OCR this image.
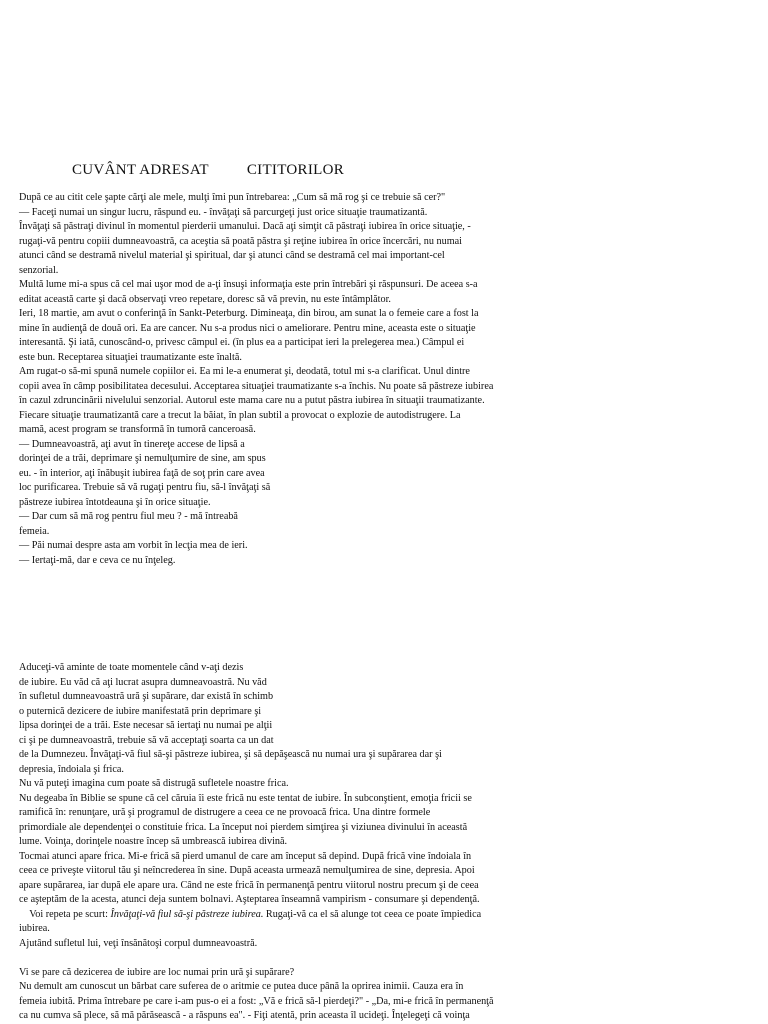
CUVÂNT ADRESAT	CITITORILOR
După ce au citit cele şapte cărţi ale mele, mulţi îmi pun întrebarea: „Cum să mă rog şi ce trebuie să cer?"
— Faceţi numai un singur lucru, răspund eu. - învăţaţi să parcurgeţi just orice situaţie traumatizantă.
Învăţaţi să păstraţi divinul în momentul pierderii umanului. Dacă aţi simţit că păstraţi iubirea în orice situaţie, -
rugaţi-vă pentru copiii dumneavoastră, ca aceştia să poată păstra şi reţine iubirea în orice încercări, nu numai
atunci când se destramă nivelul material şi spiritual, dar şi atunci când se destramă cel mai important-cel
senzorial.
Multă lume mi-a spus că cel mai uşor mod de a-ţi însuşi informaţia este prin întrebări şi răspunsuri. De aceea s-a
editat această carte şi dacă observaţi vreo repetare, doresc să vă previn, nu este întâmplător.
Ieri, 18 martie, am avut o conferinţă în Sankt-Peterburg. Dimineaţa, din birou, am sunat la o femeie care a fost la
mine în audienţă de două ori. Ea are cancer. Nu s-a produs nici o ameliorare. Pentru mine, aceasta este o situaţie
interesantă. Şi iată, cunoscând-o, privesc câmpul ei. (în plus ea a participat ieri la prelegerea mea.) Câmpul ei
este bun. Receptarea situaţiei traumatizante este înaltă.
Am rugat-o să-mi spună numele copiilor ei. Ea mi le-a enumerat şi, deodată, totul mi s-a clarificat. Unul dintre
copii avea în câmp posibilitatea decesului. Acceptarea situaţiei traumatizante s-a închis. Nu poate să păstreze iubirea
în cazul zdruncinării nivelului senzorial. Autorul este mama care nu a putut păstra iubirea în situaţii traumatizante.
Fiecare situaţie traumatizantă care a trecut la băiat, în plan subtil a provocat o explozie de autodistrugere. La
mamă, acest program se transformă în tumoră canceroasă.
— Dumneavoastră, aţi avut în tinereţe accese de lipsă a
dorinţei de a trăi, deprimare şi nemulţumire de sine, am spus
eu. - în interior, aţi înăbuşit iubirea faţă de soţ prin care avea
loc purificarea. Trebuie să vă rugaţi pentru fiu, să-l învăţaţi să
păstreze iubirea întotdeauna şi în orice situaţie.
— Dar cum să mă rog pentru fiul meu ? - mă întreabă
femeia.
— Păi numai despre asta am vorbit în lecţia mea de ieri.
— Iertaţi-mă, dar e ceva ce nu înţeleg.
Aduceţi-vă aminte de toate momentele când v-aţi dezis
de iubire. Eu văd că aţi lucrat asupra dumneavoastră. Nu văd
în sufletul dumneavoastră ură şi supărare, dar există în schimb
o puternică dezicere de iubire manifestată prin deprimare şi
lipsa dorinţei de a trăi. Este necesar să iertaţi nu numai pe alţii
ci şi pe dumneavoastră, trebuie să vă acceptaţi soarta ca un dat
de la Dumnezeu. Învăţaţi-vă fiul să-şi păstreze iubirea, şi să depăşească nu numai ura şi supărarea dar şi
depresia, îndoiala şi frica.
Nu vă puteţi imagina cum poate să distrugă sufletele noastre frica.
Nu degeaba în Biblie se spune că cel căruia îi este frică nu este tentat de iubire. În subconştient, emoţia fricii se
ramifică în: renunţare, ură şi programul de distrugere a ceea ce ne provoacă frica. Una dintre formele
primordiale ale dependenţei o constituie frica. La început noi pierdem simţirea şi viziunea divinului în această
lume. Voinţa, dorinţele noastre încep să umbrească iubirea divină.
Tocmai atunci apare frica. Mi-e frică să pierd umanul de care am început să depind. După frică vine îndoiala în
ceea ce priveşte viitorul tău şi neîncrederea în sine. După aceasta urmează nemulţumirea de sine, depresia. Apoi
apare supărarea, iar după ele apare ura. Când ne este frică în permanenţă pentru viitorul nostru precum şi de ceea
ce aşteptăm de la acesta, atunci deja suntem bolnavi. Aşteptarea înseamnă vampirism - consumare şi dependenţă.
Voi repeta pe scurt: Învăţaţi-vă fiul să-şi păstreze iubirea. Rugaţi-vă ca el să alunge tot ceea ce poate împiedica
iubirea.
Ajutând sufletul lui, veţi însănătoşi corpul dumneavoastră.

Vi se pare că dezicerea de iubire are loc numai prin ură şi supărare?
Nu demult am cunoscut un bărbat care suferea de o aritmie ce putea duce până la oprirea inimii. Cauza era în
femeia iubită. Prima întrebare pe care i-am pus-o ei a fost: „Vă e frică să-l pierdeţi?" - „Da, mi-e frică în permanenţă
ca nu cumva să plece, să mă părăsească - a răspuns ea". - Fiţi atentă, prin aceasta îl ucideţi. Înţelegeţi că voinţa
